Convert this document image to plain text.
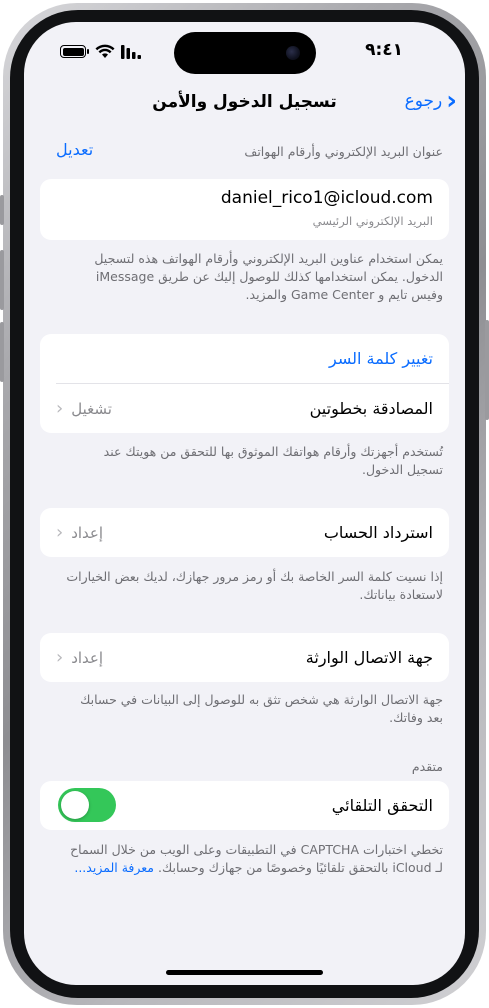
٩:٤١
تسجيل الدخول والأمن	رجوع ›
عنوان البريد الإلكتروني وأرقام الهواتف
تعديل
daniel_rico1@icloud.com
البريد الإلكتروني الرئيسي
يمكن استخدام عناوين البريد الإلكتروني وأرقام الهواتف هذه لتسجيل الدخول. يمكن استخدامها كذلك للوصول إليك عن طريق iMessage وفيس تايم و Game Center والمزيد.
تغيير كلمة السر
المصادقة بخطوتين
تشغيل
‹
تُستخدم أجهزتك وأرقام هواتفك الموثوق بها للتحقق من هويتك عند تسجيل الدخول.
استرداد الحساب
إعداد
‹
إذا نسيت كلمة السر الخاصة بك أو رمز مرور جهازك، لديك بعض الخيارات لاستعادة بياناتك.
جهة الاتصال الوارثة
إعداد
‹
جهة الاتصال الوارثة هي شخص تثق به للوصول إلى البيانات في حسابك بعد وفاتك.
متقدم
التحقق التلقائي
تخطي اختبارات CAPTCHA في التطبيقات وعلى الويب من خلال السماح لـ iCloud بالتحقق تلقائيًا وخصوصًا من جهازك وحسابك. معرفة المزيد...
